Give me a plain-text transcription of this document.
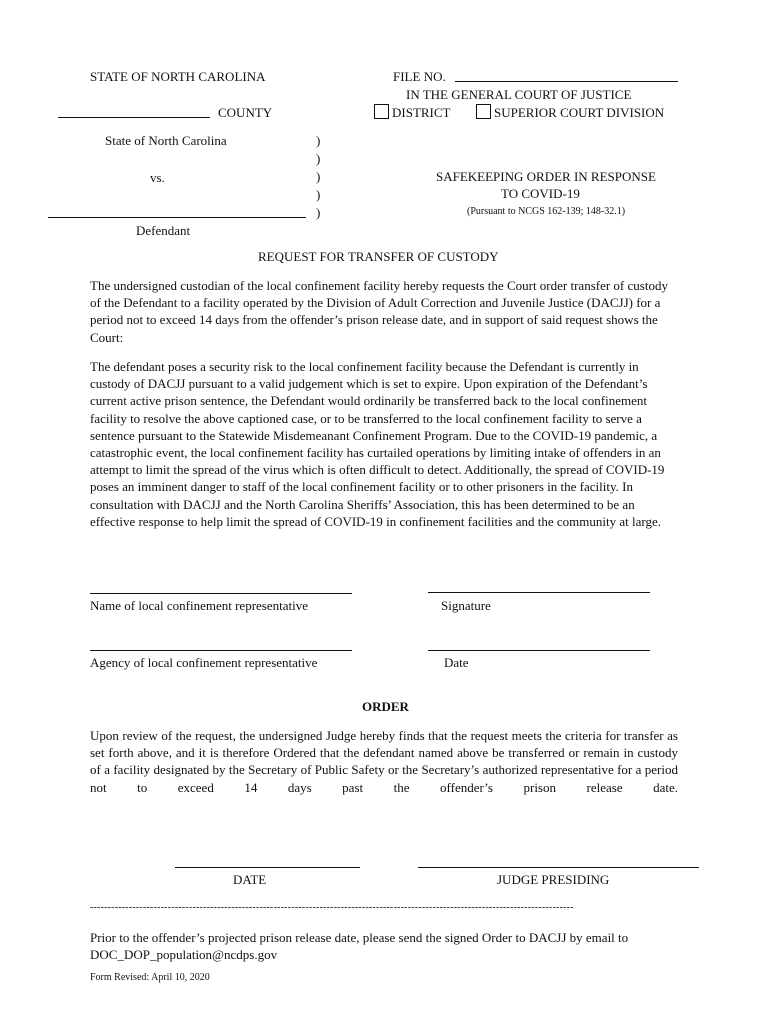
STATE OF NORTH CAROLINA	FILE NO.
IN THE GENERAL COURT OF JUSTICE
COUNTY	DISTRICT	SUPERIOR COURT DIVISION
State of North Carolina
vs.
Defendant
)
)
)
)
)
SAFEKEEPING ORDER IN RESPONSE
TO COVID-19
(Pursuant to NCGS 162-139; 148-32.1)
REQUEST FOR TRANSFER OF CUSTODY
The undersigned custodian of the local confinement facility hereby requests the Court order transfer of custody of the Defendant to a facility operated by the Division of Adult Correction and Juvenile Justice (DACJJ) for a period not to exceed 14 days from the offender’s prison release date, and in support of said request shows the Court:
The defendant poses a security risk to the local confinement facility because the Defendant is currently in custody of DACJJ pursuant to a valid judgement which is set to expire. Upon expiration of the Defendant’s current active prison sentence, the Defendant would ordinarily be transferred back to the local confinement facility to resolve the above captioned case, or to be transferred to the local confinement facility to serve a sentence pursuant to the Statewide Misdemeanant Confinement Program. Due to the COVID-19 pandemic, a catastrophic event, the local confinement facility has curtailed operations by limiting intake of offenders in an attempt to limit the spread of the virus which is often difficult to detect. Additionally, the spread of COVID-19 poses an imminent danger to staff of the local confinement facility or to other prisoners in the facility. In consultation with DACJJ and the North Carolina Sheriffs’ Association, this has been determined to be an effective response to help limit the spread of COVID-19 in confinement facilities and the community at large.
Name of local confinement representative	Signature
Agency of local confinement representative	Date
ORDER
Upon review of the request, the undersigned Judge hereby finds that the request meets the criteria for transfer as set forth above, and it is therefore Ordered that the defendant named above be transferred or remain in custody of a facility designated by the Secretary of Public Safety or the Secretary’s authorized representative for a period not to exceed 14 days past the offender’s prison release date.
DATE	JUDGE PRESIDING
-----------------------------------------------------------------------------------------------------------------------------------------
Prior to the offender’s projected prison release date, please send the signed Order to DACJJ by email to DOC_DOP_population@ncdps.gov
Form Revised: April 10, 2020
